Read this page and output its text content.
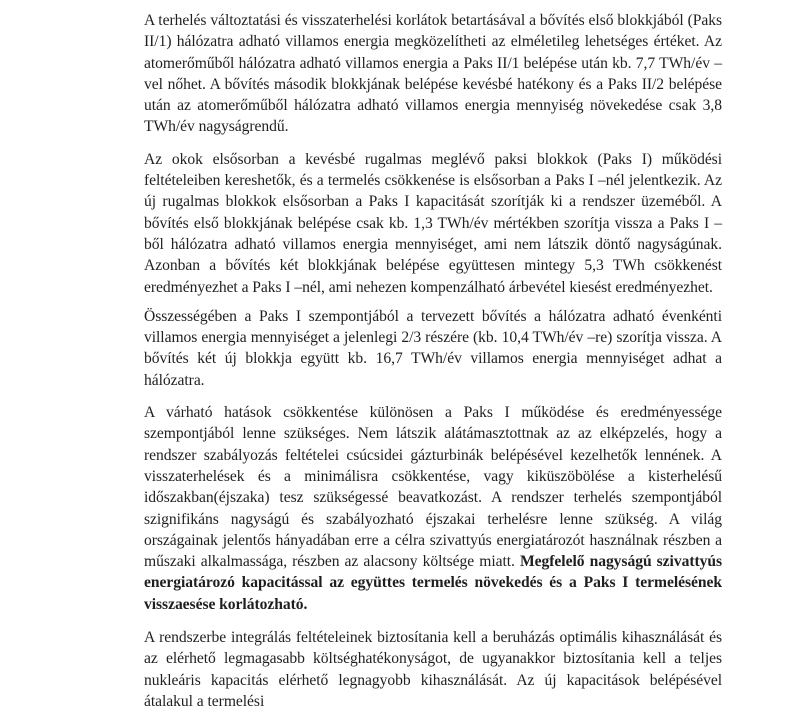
A terhelés változtatási és visszaterhelési korlátok betartásával a bővítés első blokkjából (Paks II/1) hálózatra adható villamos energia megközelítheti az elméletileg lehetséges értéket. Az atomerőműből hálózatra adható villamos energia a Paks II/1 belépése után kb. 7,7 TWh/év –vel nőhet. A bővítés második blokkjának belépése kevésbé hatékony és a Paks II/2 belépése után az atomerőműből hálózatra adható villamos energia mennyiség növekedése csak 3,8 TWh/év nagyságrendű.

Az okok elsősorban a kevésbé rugalmas meglévő paksi blokkok (Paks I) működési feltételeiben kereshetők, és a termelés csökkenése is elsősorban a Paks I –nél jelentkezik. Az új rugalmas blokkok elsősorban a Paks I kapacitását szorítják ki a rendszer üzeméből. A bővítés első blokkjának belépése csak kb. 1,3 TWh/év mértékben szorítja vissza a Paks I –ből hálózatra adható villamos energia mennyiséget, ami nem látszik döntő nagyságúnak. Azonban a bővítés két blokkjának belépése együttesen mintegy 5,3 TWh csökkenést eredményezhet a Paks I –nél, ami nehezen kompenzálható árbevétel kiesést eredményezhet.

Összességében a Paks I szempontjából a tervezett bővítés a hálózatra adható évenkénti villamos energia mennyiséget a jelenlegi 2/3 részére (kb. 10,4 TWh/év –re) szorítja vissza. A bővítés két új blokkja együtt kb. 16,7 TWh/év villamos energia mennyiséget adhat a hálózatra.

A várható hatások csökkentése különösen a Paks I működése és eredményessége szempontjából lenne szükséges. Nem látszik alátámasztottnak az az elképzelés, hogy a rendszer szabályozás feltételei csúcsidei gázturbinák belépésével kezelhetők lennének. A visszaterhelések és a minimálisra csökkentése, vagy kiküszöbölése a kisterhelésű időszakban(éjszaka) tesz szükségessé beavatkozást. A rendszer terhelés szempontjából szignifikáns nagyságú és szabályozható éjszakai terhelésre lenne szükség. A világ országainak jelentős hányadában erre a célra szivattyús energiatározót használnak részben a műszaki alkalmassága, részben az alacsony költsége miatt. Megfelelő nagyságú szivattyús energiatározó kapacitással az együttes termelés növekedés és a Paks I termelésének visszaesése korlátozható.

A rendszerbe integrálás feltételeinek biztosítania kell a beruházás optimális kihasználását és az elérhető legmagasabb költséghatékonyságot, de ugyanakkor biztosítania kell a teljes nukleáris kapacitás elérhető legnagyobb kihasználását. Az új kapacitások belépésével átalakul a termelési
